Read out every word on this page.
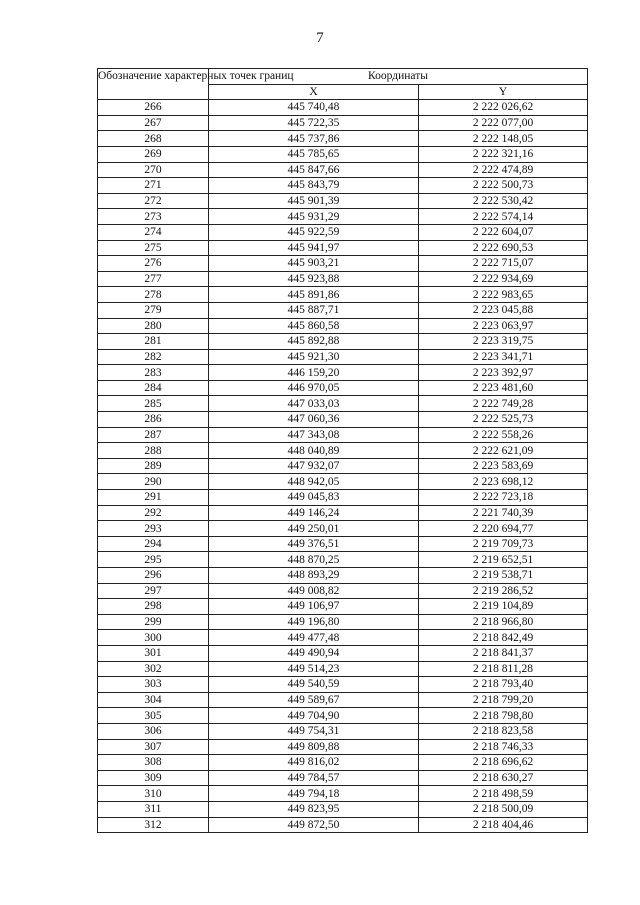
7
Обозначение характерных точек границ	Координаты	
	X	Y
266	445 740,48	2 222 026,62
267	445 722,35	2 222 077,00
268	445 737,86	2 222 148,05
269	445 785,65	2 222 321,16
270	445 847,66	2 222 474,89
271	445 843,79	2 222 500,73
272	445 901,39	2 222 530,42
273	445 931,29	2 222 574,14
274	445 922,59	2 222 604,07
275	445 941,97	2 222 690,53
276	445 903,21	2 222 715,07
277	445 923,88	2 222 934,69
278	445 891,86	2 222 983,65
279	445 887,71	2 223 045,88
280	445 860,58	2 223 063,97
281	445 892,88	2 223 319,75
282	445 921,30	2 223 341,71
283	446 159,20	2 223 392,97
284	446 970,05	2 223 481,60
285	447 033,03	2 222 749,28
286	447 060,36	2 222 525,73
287	447 343,08	2 222 558,26
288	448 040,89	2 222 621,09
289	447 932,07	2 223 583,69
290	448 942,05	2 223 698,12
291	449 045,83	2 222 723,18
292	449 146,24	2 221 740,39
293	449 250,01	2 220 694,77
294	449 376,51	2 219 709,73
295	448 870,25	2 219 652,51
296	448 893,29	2 219 538,71
297	449 008,82	2 219 286,52
298	449 106,97	2 219 104,89
299	449 196,80	2 218 966,80
300	449 477,48	2 218 842,49
301	449 490,94	2 218 841,37
302	449 514,23	2 218 811,28
303	449 540,59	2 218 793,40
304	449 589,67	2 218 799,20
305	449 704,90	2 218 798,80
306	449 754,31	2 218 823,58
307	449 809,88	2 218 746,33
308	449 816,02	2 218 696,62
309	449 784,57	2 218 630,27
310	449 794,18	2 218 498,59
311	449 823,95	2 218 500,09
312	449 872,50	2 218 404,46
